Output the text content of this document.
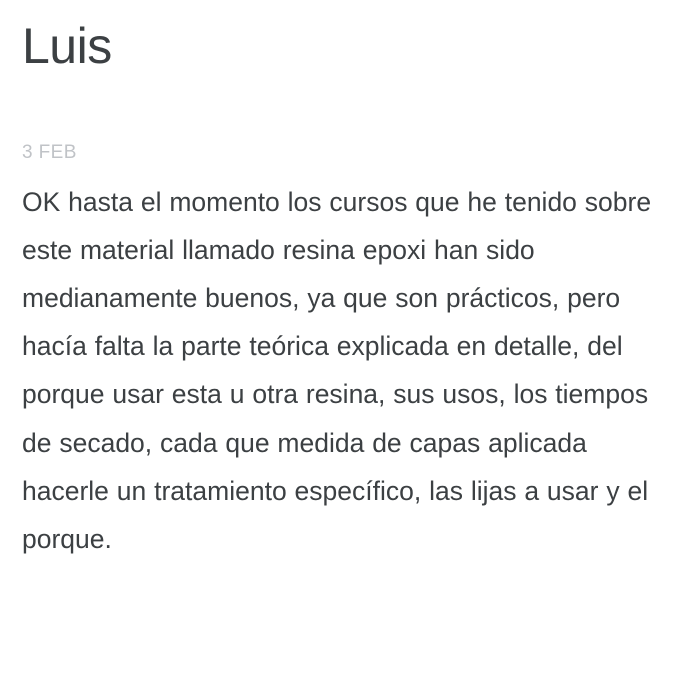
Luis
3 FEB

OK hasta el momento los cursos que he tenido sobre este material llamado resina epoxi han sido medianamente buenos, ya que son prácticos, pero hacía falta la parte teórica explicada en detalle, del porque usar esta u otra resina, sus usos, los tiempos de secado, cada que medida de capas aplicada hacerle un tratamiento específico, las lijas a usar y el porque.
